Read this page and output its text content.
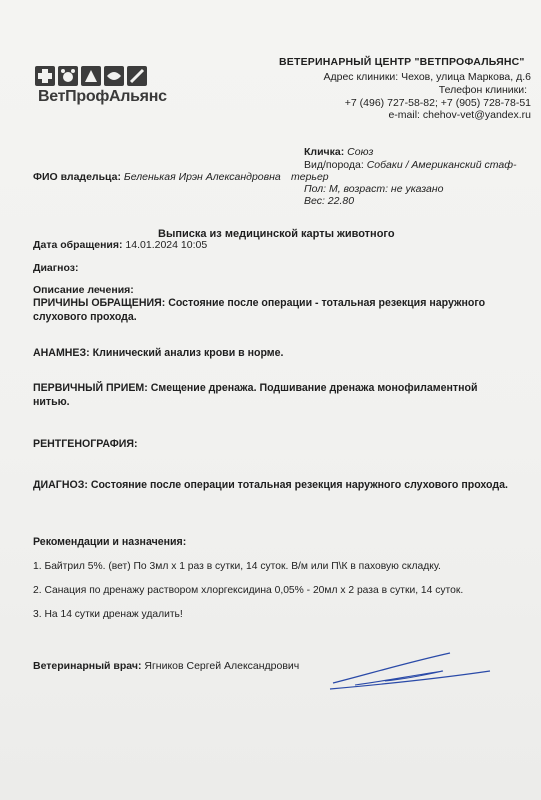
ВетПрофАльянс
ВЕТЕРИНАРНЫЙ ЦЕНТР "ВЕТПРОФАЛЬЯНС"
Адрес клиники: Чехов, улица Маркова, д.6
Телефон клиники:
+7 (496) 727-58-82; +7 (905) 728-78-51
e-mail: chehov-vet@yandex.ru
Кличка: Союз
Вид/порода: Собаки / Американский стаф-
терьер
Пол: М, возраст: не указано
Вес: 22.80
ФИО владельца: Беленькая Ирэн Александровна
Выписка из медицинской карты животного
Дата обращения: 14.01.2024 10:05
Диагноз:
Описание лечения:
ПРИЧИНЫ ОБРАЩЕНИЯ: Состояние после операции - тотальная резекция наружного слухового прохода.
АНАМНЕЗ: Клинический анализ крови в норме.
ПЕРВИЧНЫЙ ПРИЕМ: Смещение дренажа. Подшивание дренажа монофиламентной нитью.
РЕНТГЕНОГРАФИЯ:
ДИАГНОЗ: Состояние после операции тотальная резекция наружного слухового прохода.
Рекомендации и назначения:
1. Байтрил 5%. (вет) По 3мл х 1 раз в сутки, 14 суток. В/м или П\К в паховую складку.
2. Санация по дренажу раствором хлоргексидина 0,05% - 20мл х 2 раза в сутки, 14 суток.
3. На 14 сутки дренаж удалить!
Ветеринарный врач: Ягников Сергей Александрович
